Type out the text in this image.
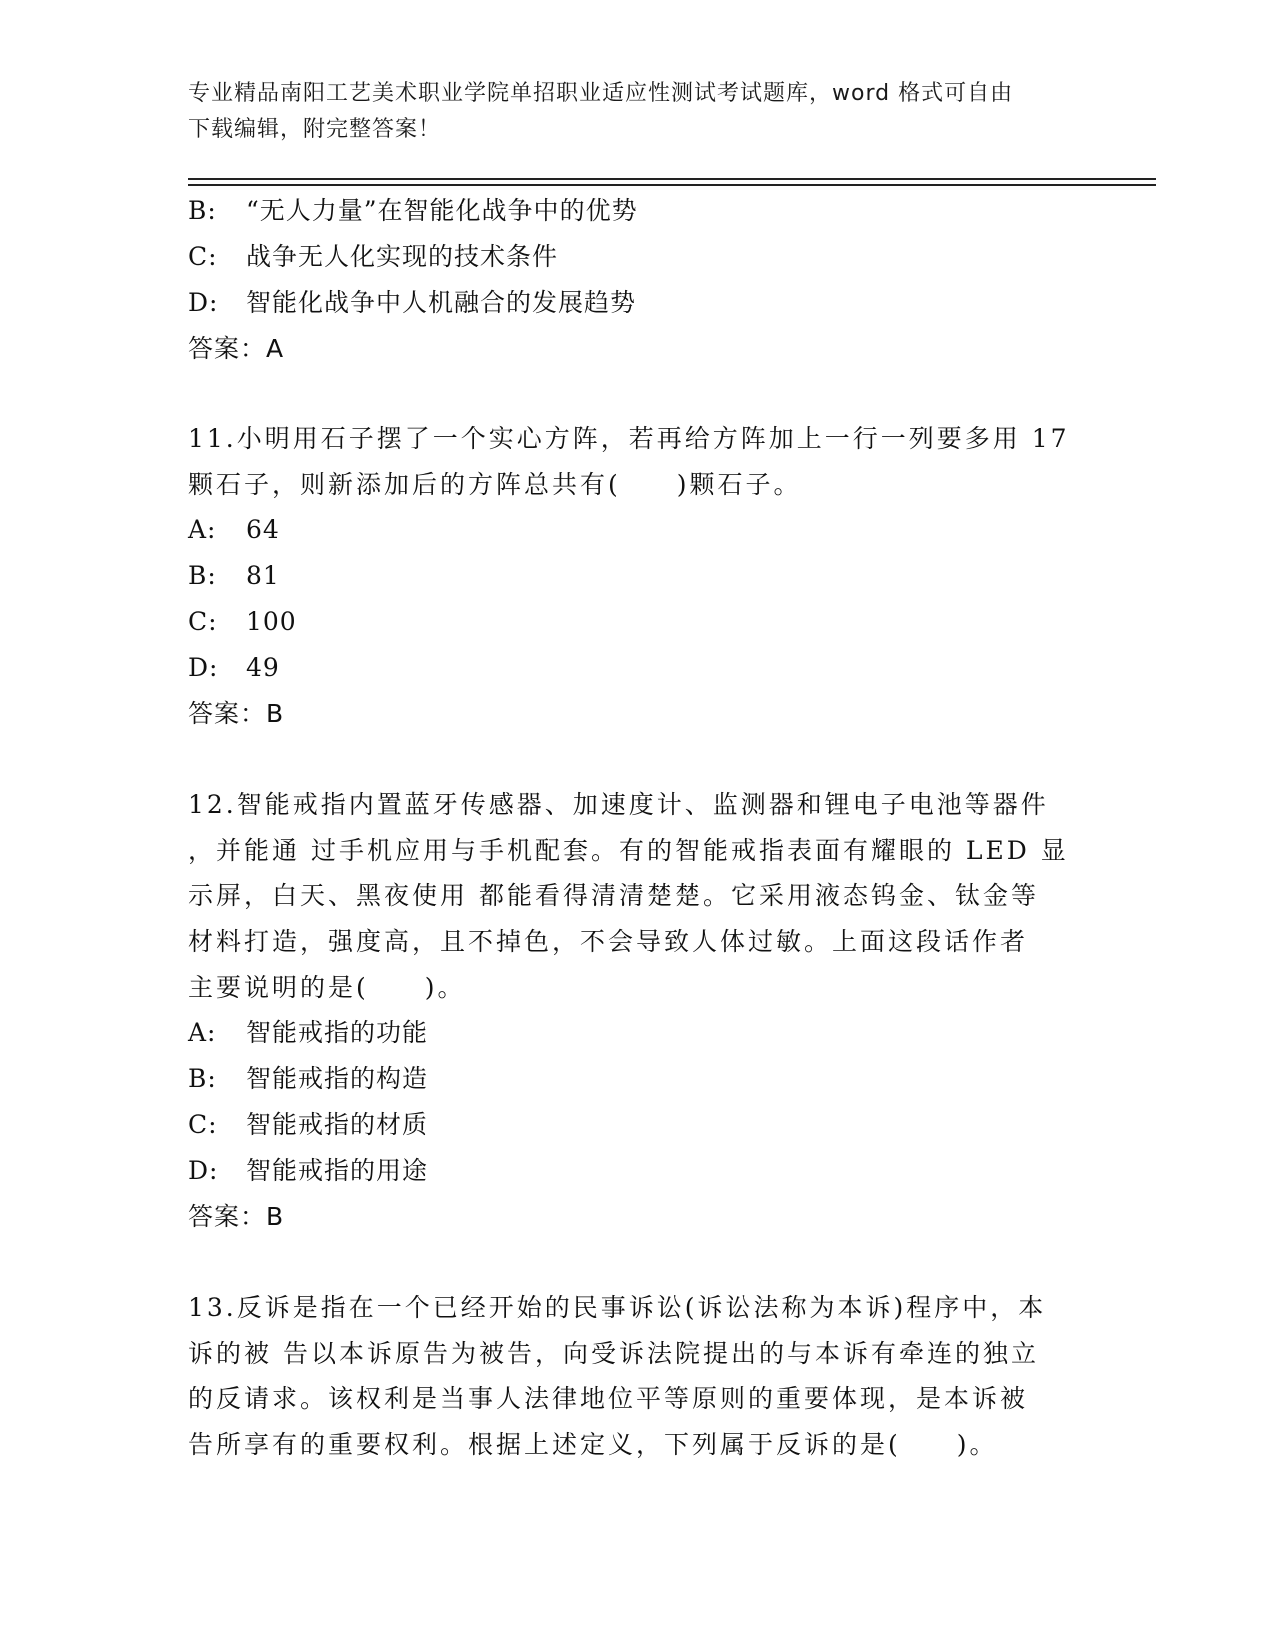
专业精品南阳工艺美术职业学院单招职业适应性测试考试题库，word 格式可自由
下载编辑，附完整答案！
B: “无人力量”在智能化战争中的优势
C: 战争无人化实现的技术条件
D: 智能化战争中人机融合的发展趋势
答案：A
11.小明用石子摆了一个实心方阵，若再给方阵加上一行一列要多用 17
颗石子，则新添加后的方阵总共有(　　)颗石子。
A: 64
B: 81
C: 100
D: 49
答案：B
12.智能戒指内置蓝牙传感器、加速度计、监测器和锂电子电池等器件
，并能通 过手机应用与手机配套。有的智能戒指表面有耀眼的 LED 显
示屏，白天、黑夜使用 都能看得清清楚楚。它采用液态钨金、钛金等
材料打造，强度高，且不掉色，不会导致人体过敏。上面这段话作者
主要说明的是(　　)。
A: 智能戒指的功能
B: 智能戒指的构造
C: 智能戒指的材质
D: 智能戒指的用途
答案：B
13.反诉是指在一个已经开始的民事诉讼(诉讼法称为本诉)程序中，本
诉的被 告以本诉原告为被告，向受诉法院提出的与本诉有牵连的独立
的反请求。该权利是当事人法律地位平等原则的重要体现，是本诉被
告所享有的重要权利。根据上述定义，下列属于反诉的是(　　)。
